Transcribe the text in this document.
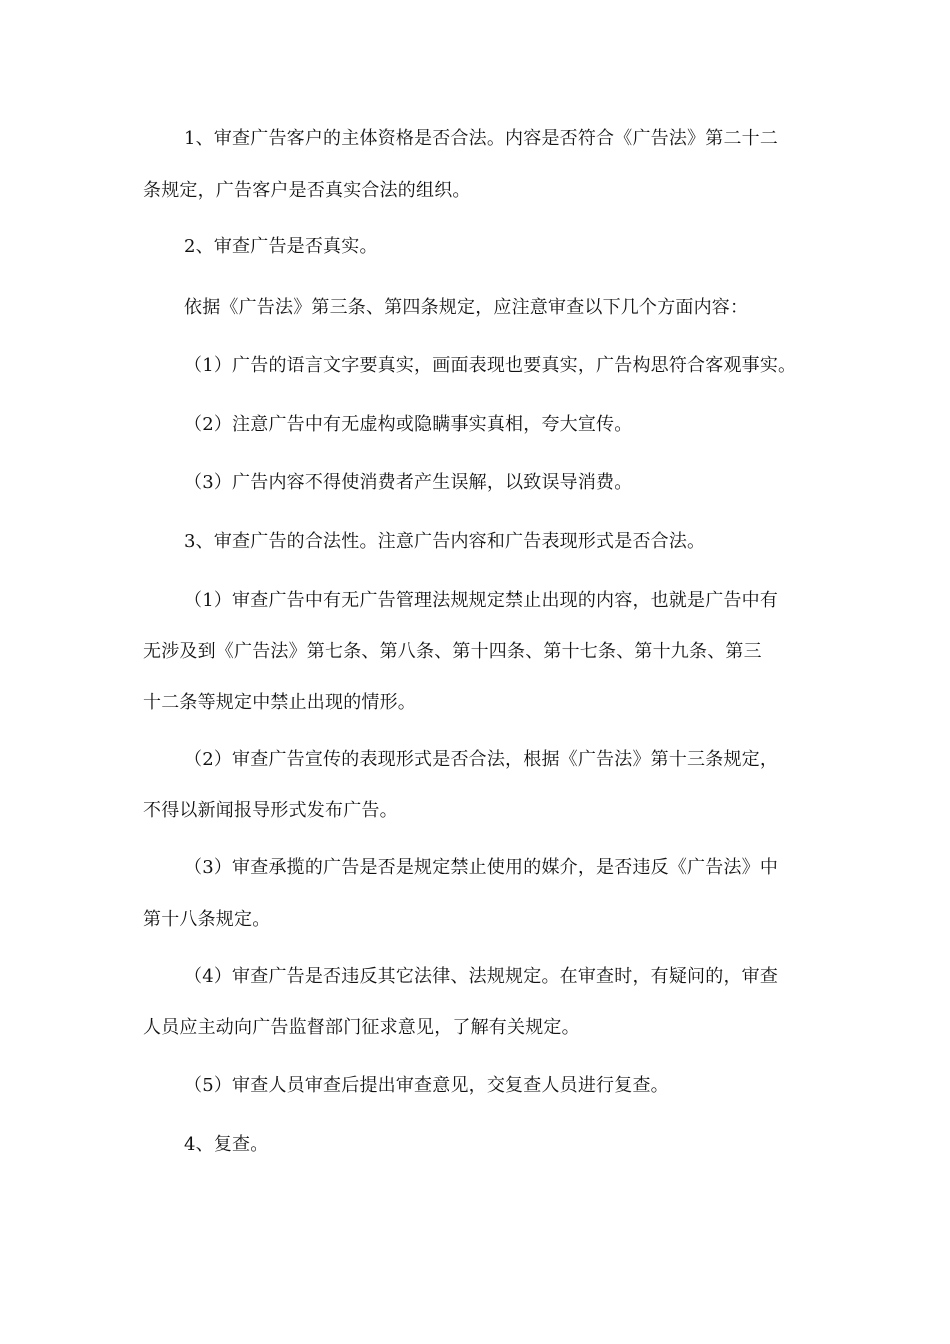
1、审查广告客户的主体资格是否合法。内容是否符合《广告法》第二十二

条规定，广告客户是否真实合法的组织。

2、审查广告是否真实。

依据《广告法》第三条、第四条规定，应注意审查以下几个方面内容：

（1）广告的语言文字要真实，画面表现也要真实，广告构思符合客观事实。

（2）注意广告中有无虚构或隐瞒事实真相，夸大宣传。

（3）广告内容不得使消费者产生误解，以致误导消费。

3、审查广告的合法性。注意广告内容和广告表现形式是否合法。

（1）审查广告中有无广告管理法规规定禁止出现的内容，也就是广告中有

无涉及到《广告法》第七条、第八条、第十四条、第十七条、第十九条、第三

十二条等规定中禁止出现的情形。

（2）审查广告宣传的表现形式是否合法，根据《广告法》第十三条规定，

不得以新闻报导形式发布广告。

（3）审查承揽的广告是否是规定禁止使用的媒介，是否违反《广告法》中

第十八条规定。

（4）审查广告是否违反其它法律、法规规定。在审查时，有疑问的，审查

人员应主动向广告监督部门征求意见，了解有关规定。

（5）审查人员审查后提出审查意见，交复查人员进行复查。

4、复查。
